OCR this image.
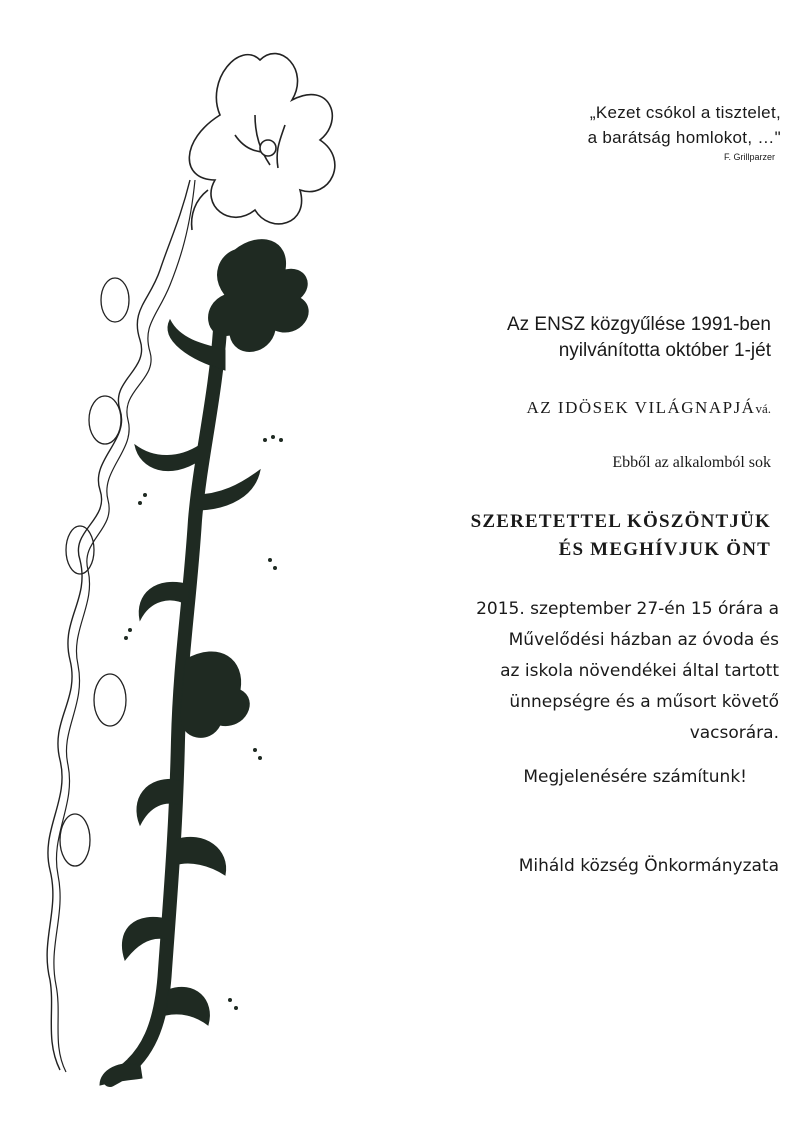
„Kezet csókol a tisztelet,
a barátság homlokot, …"
F. Grillparzer
Az ENSZ közgyűlése 1991-ben
nyilvánította október 1-jét
AZ IDÖSEK VILÁGNAPJÁvá.
Ebből az alkalomból sok
SZERETETTEL KÖSZÖNTJÜK
ÉS MEGHÍVJUK ÖNT
2015. szeptember 27-én 15 órára a
Művelődési házban az óvoda és
az iskola növendékei által tartott
ünnepségre és a műsort követő
vacsorára.
Megjelenésére számítunk!
Miháld község Önkormányzata
